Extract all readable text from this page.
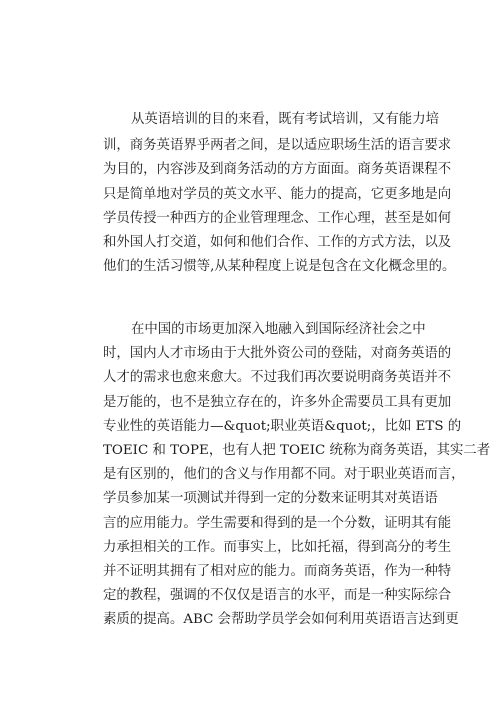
从英语培训的目的来看，既有考试培训，又有能力培
训，商务英语界乎两者之间，是以适应职场生活的语言要求
为目的，内容涉及到商务活动的方方面面。商务英语课程不
只是简单地对学员的英文水平、能力的提高，它更多地是向
学员传授一种西方的企业管理理念、工作心理，甚至是如何
和外国人打交道，如何和他们合作、工作的方式方法，以及
他们的生活习惯等,从某种程度上说是包含在文化概念里的。
在中国的市场更加深入地融入到国际经济社会之中
时，国内人才市场由于大批外资公司的登陆，对商务英语的
人才的需求也愈来愈大。不过我们再次要说明商务英语并不
是万能的，也不是独立存在的，许多外企需要员工具有更加
专业性的英语能力—&quot;职业英语&quot;，比如 ETS 的
TOEIC 和 TOPE，也有人把 TOEIC 统称为商务英语，其实二者
是有区别的，他们的含义与作用都不同。对于职业英语而言，
学员参加某一项测试并得到一定的分数来证明其对英语语
言的应用能力。学生需要和得到的是一个分数，证明其有能
力承担相关的工作。而事实上，比如托福，得到高分的考生
并不证明其拥有了相对应的能力。而商务英语，作为一种特
定的教程，强调的不仅仅是语言的水平，而是一种实际综合
素质的提高。ABC 会帮助学员学会如何利用英语语言达到更
